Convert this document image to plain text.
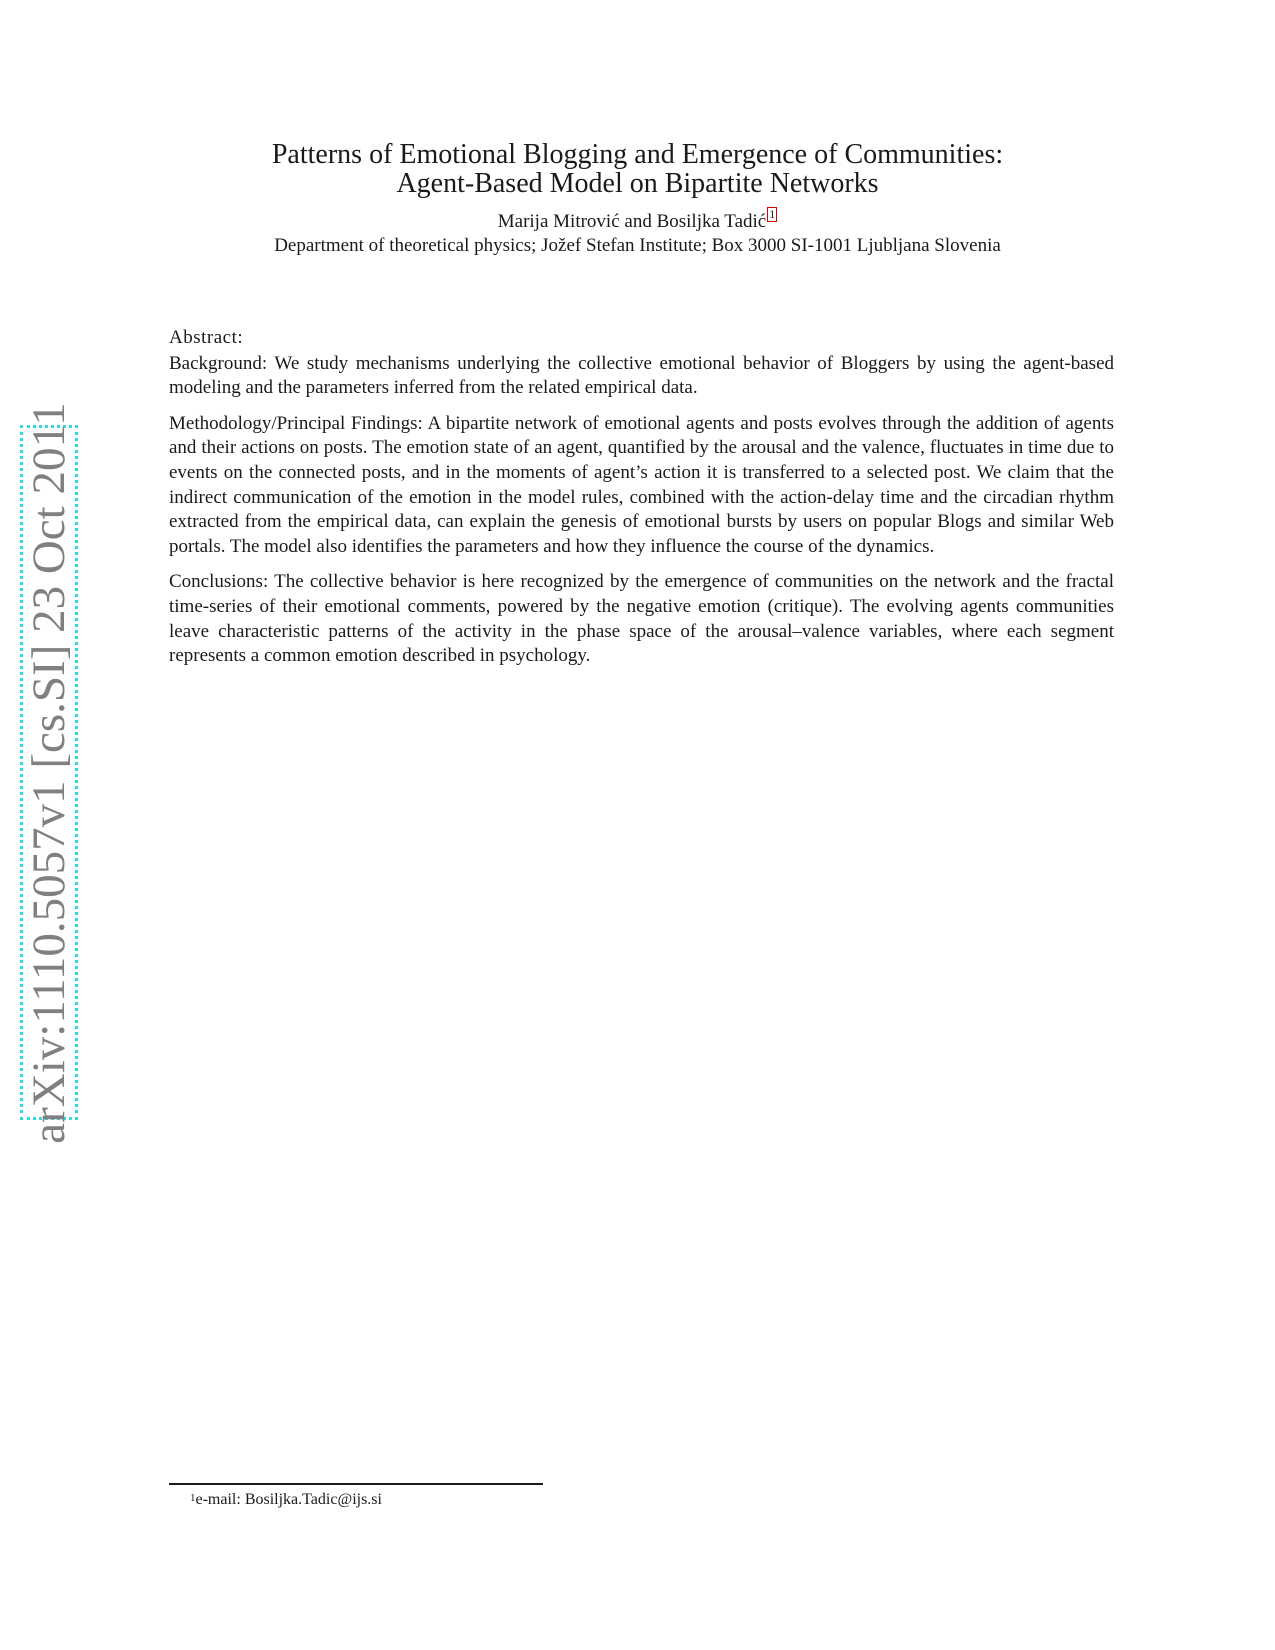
arXiv:1110.5057v1 [cs.SI] 23 Oct 2011
Patterns of Emotional Blogging and Emergence of Communities:
Agent-Based Model on Bipartite Networks
Marija Mitrović and Bosiljka Tadić 1
Department of theoretical physics; Jožef Stefan Institute; Box 3000 SI-1001 Ljubljana Slovenia
Abstract:

Background: We study mechanisms underlying the collective emotional behavior of Bloggers by using the agent-based modeling and the parameters inferred from the related empirical data.

Methodology/Principal Findings: A bipartite network of emotional agents and posts evolves through the addition of agents and their actions on posts. The emotion state of an agent, quantified by the arousal and the valence, fluctuates in time due to events on the connected posts, and in the moments of agent’s action it is transferred to a selected post. We claim that the indirect communication of the emotion in the model rules, combined with the action-delay time and the circadian rhythm extracted from the empirical data, can explain the genesis of emotional bursts by users on popular Blogs and similar Web portals. The model also identifies the parameters and how they influence the course of the dynamics.

Conclusions: The collective behavior is here recognized by the emergence of communities on the network and the fractal time-series of their emotional comments, powered by the negative emotion (critique). The evolving agents communities leave characteristic patterns of the activity in the phase space of the arousal–valence variables, where each segment represents a common emotion described in psychology.

$^1$e-mail: Bosiljka.Tadic@ijs.si
